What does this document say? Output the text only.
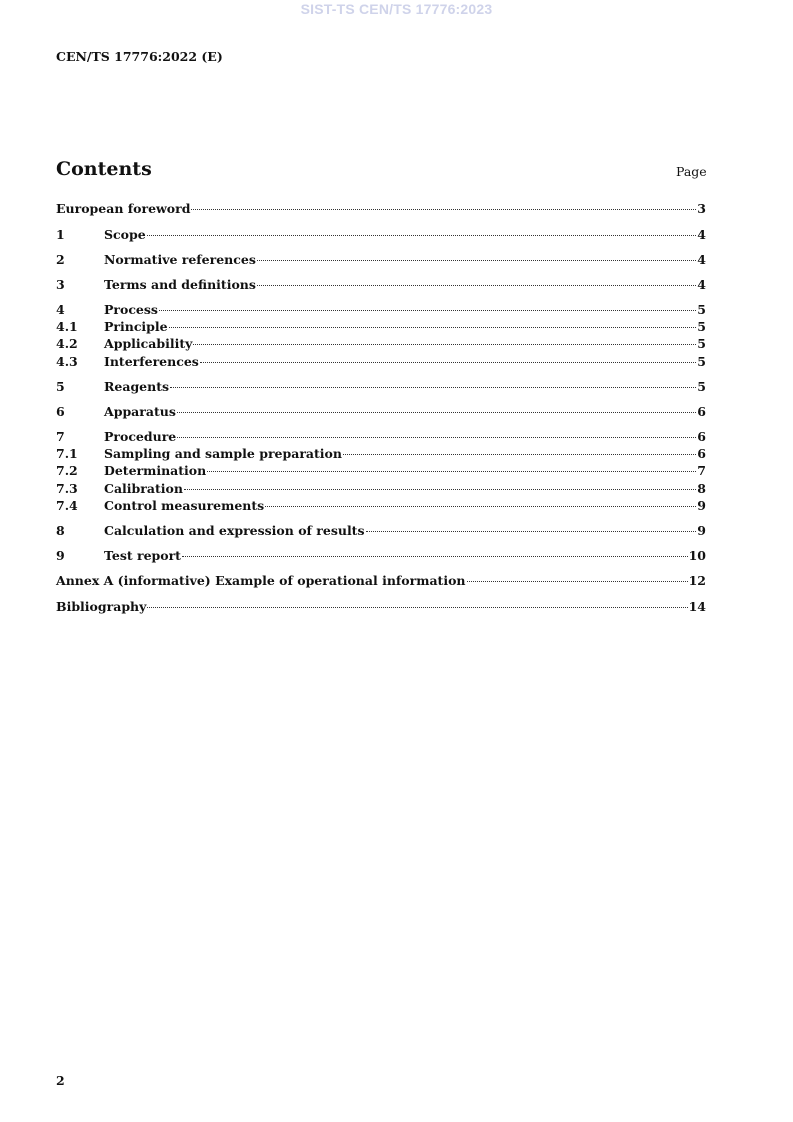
SIST-TS CEN/TS 17776:2023
CEN/TS 17776:2022 (E)
Contents	Page
European foreword	3
1	Scope	4
2	Normative references	4
3	Terms and definitions	4
4	Process	5
4.1	Principle	5
4.2	Applicability	5
4.3	Interferences	5
5	Reagents	5
6	Apparatus	6
7	Procedure	6
7.1	Sampling and sample preparation	6
7.2	Determination	7
7.3	Calibration	8
7.4	Control measurements	9
8	Calculation and expression of results	9
9	Test report	10
Annex A (informative) Example of operational information	12
Bibliography	14
2
